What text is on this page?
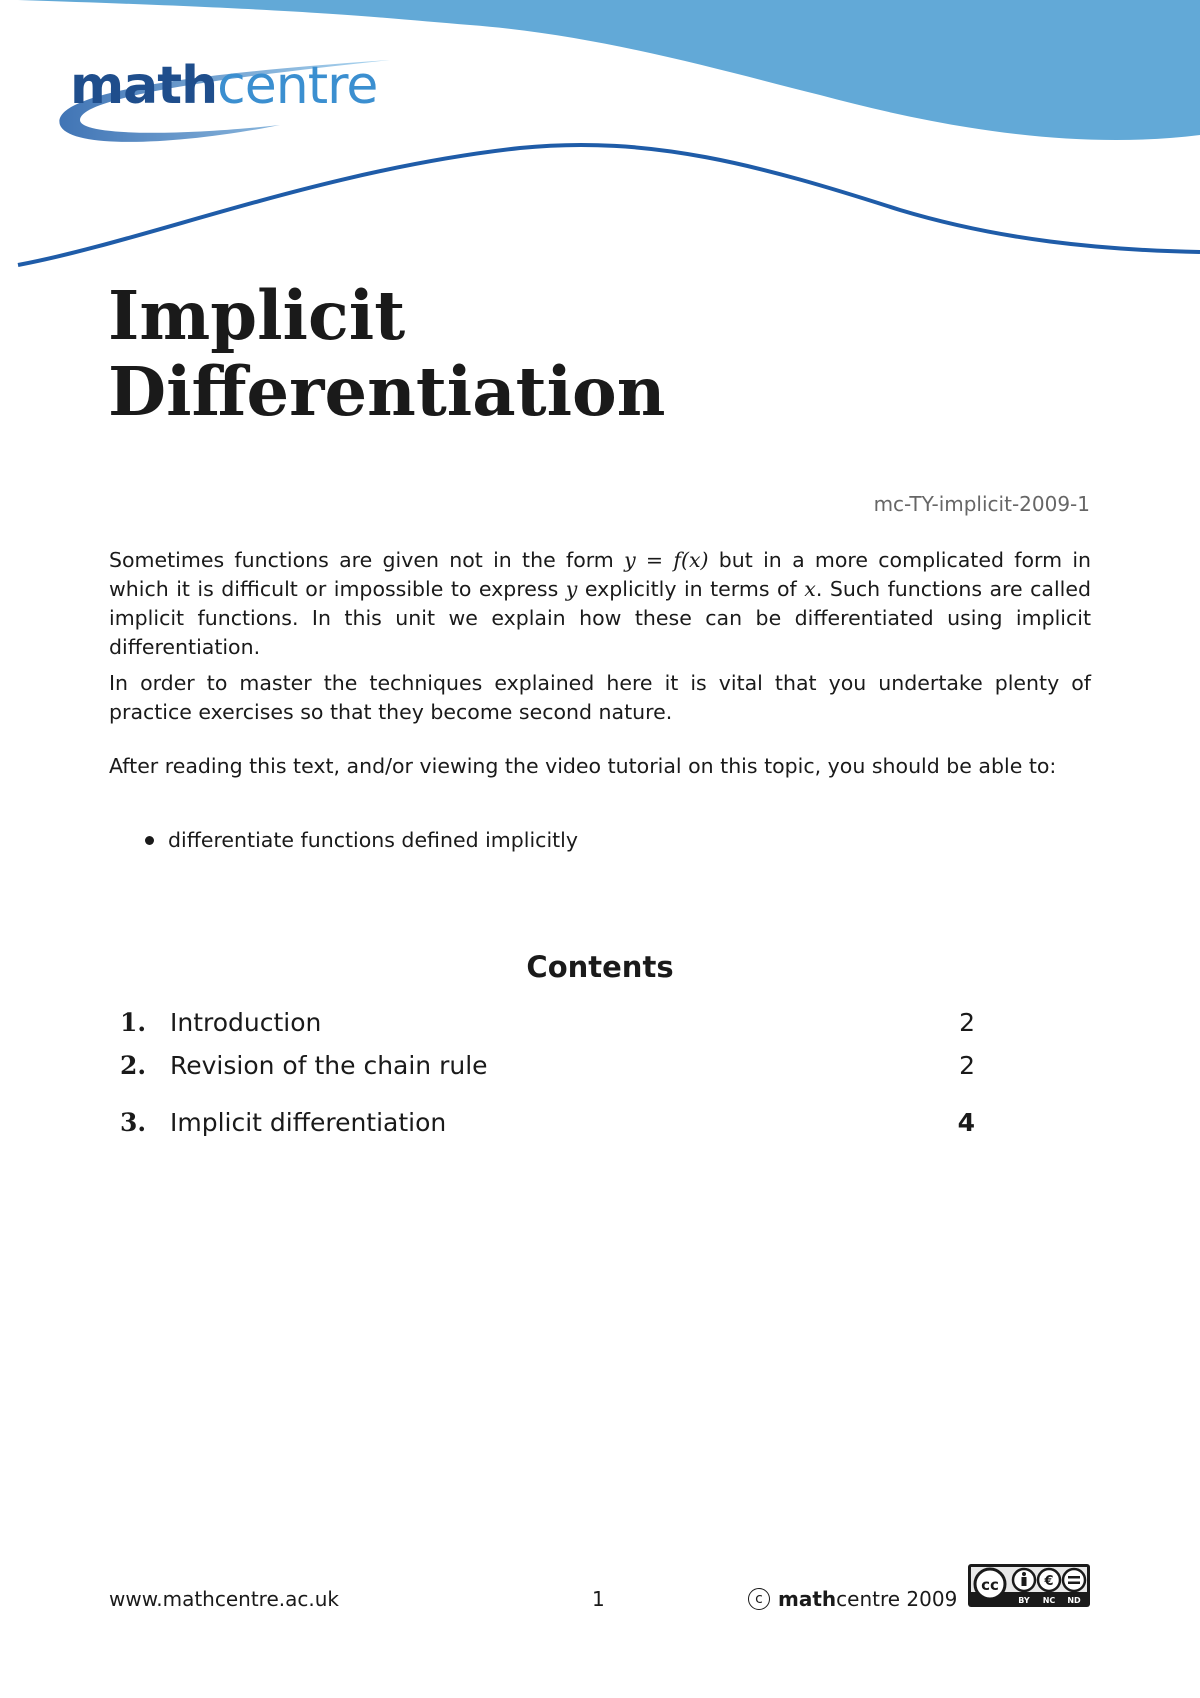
mathcentre
Implicit
Differentiation
mc-TY-implicit-2009-1

Sometimes functions are given not in the form y = f(x) but in a more complicated form in which it is difficult or impossible to express y explicitly in terms of x. Such functions are called implicit functions. In this unit we explain how these can be differentiated using implicit differentiation.

In order to master the techniques explained here it is vital that you undertake plenty of practice exercises so that they become second nature.

After reading this text, and/or viewing the video tutorial on this topic, you should be able to:

differentiate functions defined implicitly
Contents
1. Introduction	2
2. Revision of the chain rule	2
3. Implicit differentiation	4
www.mathcentre.ac.uk	1	c math centre 2009
cc	€
BY NC ND
